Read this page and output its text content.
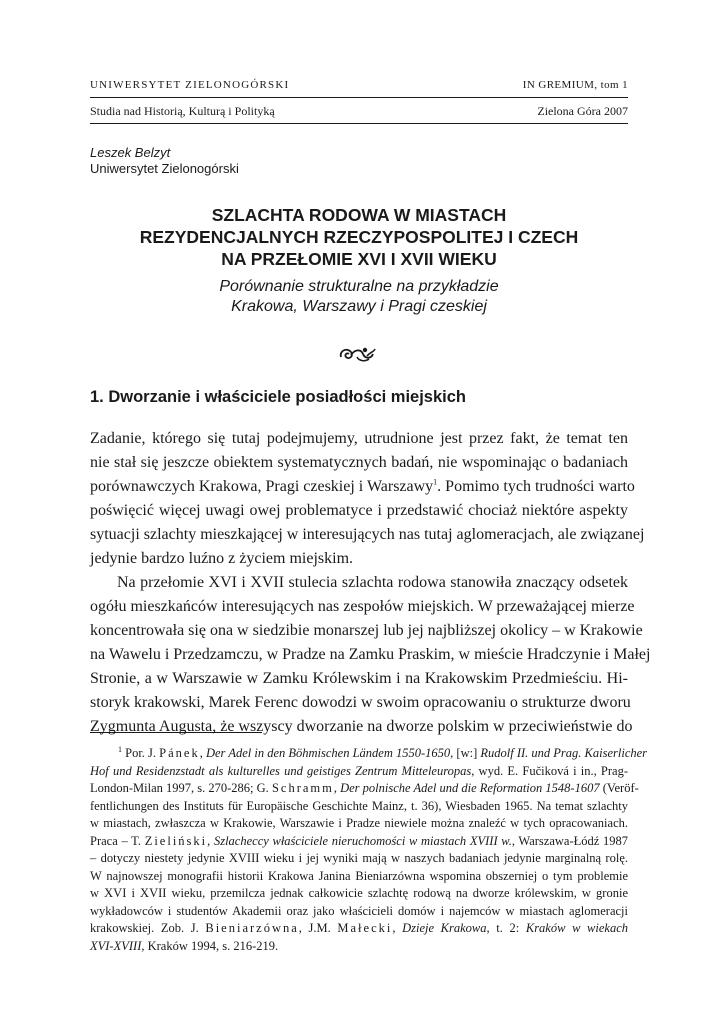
UNIWERSYTET ZIELONOGÓRSKI	IN GREMIUM, tom 1
Studia nad Historią, Kulturą i Polityką	Zielona Góra 2007
Leszek Belzyt
Uniwersytet Zielonogórski
SZLACHTA RODOWA W MIASTACH
REZYDENCJALNYCH RZECZYPOSPOLITEJ I CZECH
NA PRZEŁOMIE XVI I XVII WIEKU
Porównanie strukturalne na przykładzie
Krakowa, Warszawy i Pragi czeskiej
1. Dworzanie i właściciele posiadłości miejskich

Zadanie, którego się tutaj podejmujemy, utrudnione jest przez fakt, że temat ten
nie stał się jeszcze obiektem systematycznych badań, nie wspominając o badaniach
porównawczych Krakowa, Pragi czeskiej i Warszawy$^1$. Pomimo tych trudności warto
poświęcić więcej uwagi owej problematyce i przedstawić chociaż niektóre aspekty
sytuacji szlachty mieszkającej w interesujących nas tutaj aglomeracjach, ale związanej
jedynie bardzo luźno z życiem miejskim.

Na przełomie XVI i XVII stulecia szlachta rodowa stanowiła znaczący odsetek
ogółu mieszkańców interesujących nas zespołów miejskich. W przeważającej mierze
koncentrowała się ona w siedzibie monarszej lub jej najbliższej okolicy – w Krakowie
na Wawelu i Przedzamczu, w Pradze na Zamku Praskim, w mieście Hradczynie i Małej
Stronie, a w Warszawie w Zamku Królewskim i na Krakowskim Przedmieściu. Hi-
storyk krakowski, Marek Ferenc dowodzi w swoim opracowaniu o strukturze dworu
Zygmunta Augusta, że wszyscy dworzanie na dworze polskim w przeciwieństwie do

$^1$ Por. J. Pánek, Der Adel in den Böhmischen Ländem 1550-1650, [w:] Rudolf II. und Prag. Kaiserlicher
Hof und Residenzstadt als kulturelles und geistiges Zentrum Mitteleuropas, wyd. E. Fučiková i in., Prag-
London-Milan 1997, s. 270-286; G. Schramm, Der polnische Adel und die Reformation 1548-1607 (Veröf-
fentlichungen des Instituts für Europäische Geschichte Mainz, t. 36), Wiesbaden 1965. Na temat szlachty
w miastach, zwłaszcza w Krakowie, Warszawie i Pradze niewiele można znaleźć w tych opracowaniach.
Praca – T. Zieliński, Szlacheccy właściciele nieruchomości w miastach XVIII w., Warszawa-Łódź 1987
– dotyczy niestety jedynie XVIII wieku i jej wyniki mają w naszych badaniach jedynie marginalną rolę.
W najnowszej monografii historii Krakowa Janina Bieniarzówna wspomina obszerniej o tym problemie
w XVI i XVII wieku, przemilcza jednak całkowicie szlachtę rodową na dworze królewskim, w gronie
wykładowców i studentów Akademii oraz jako właścicieli domów i najemców w miastach aglomeracji
krakowskiej. Zob. J. Bieniarzówna, J.M. Małecki, Dzieje Krakowa, t. 2: Kraków w wiekach
XVI-XVIII, Kraków 1994, s. 216-219.
